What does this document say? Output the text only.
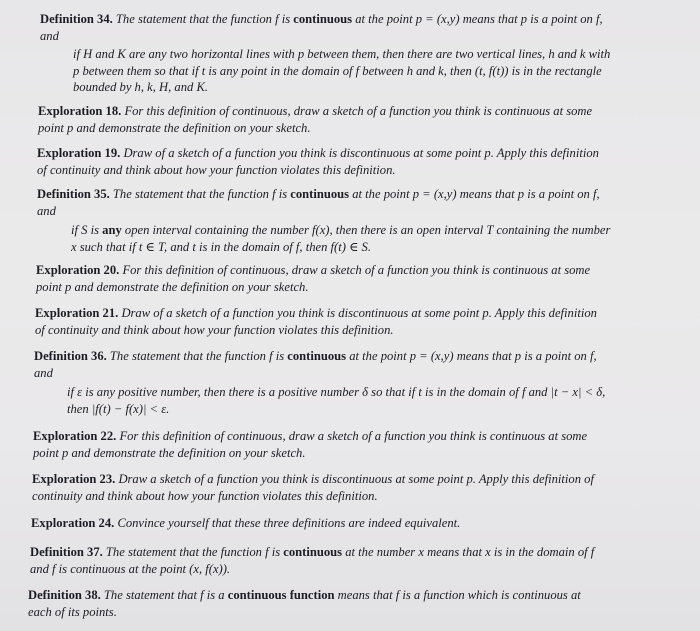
Definition 34. The statement that the function f is continuous at the point p = (x,y) means that p is a point on f,
and
if H and K are any two horizontal lines with p between them, then there are two vertical lines, h and k with
p between them so that if t is any point in the domain of f between h and k, then (t, f(t)) is in the rectangle
bounded by h, k, H, and K.
Exploration 18. For this definition of continuous, draw a sketch of a function you think is continuous at some
point p and demonstrate the definition on your sketch.
Exploration 19. Draw of a sketch of a function you think is discontinuous at some point p. Apply this definition
of continuity and think about how your function violates this definition.
Definition 35. The statement that the function f is continuous at the point p = (x,y) means that p is a point on f,
and
if S is any open interval containing the number f(x), then there is an open interval T containing the number
x such that if t ∈ T, and t is in the domain of f, then f(t) ∈ S.
Exploration 20. For this definition of continuous, draw a sketch of a function you think is continuous at some
point p and demonstrate the definition on your sketch.
Exploration 21. Draw of a sketch of a function you think is discontinuous at some point p. Apply this definition
of continuity and think about how your function violates this definition.
Definition 36. The statement that the function f is continuous at the point p = (x,y) means that p is a point on f,
and
if ε is any positive number, then there is a positive number δ so that if t is in the domain of f and |t − x| < δ,
then |f(t) − f(x)| < ε.
Exploration 22. For this definition of continuous, draw a sketch of a function you think is continuous at some
point p and demonstrate the definition on your sketch.
Exploration 23. Draw a sketch of a function you think is discontinuous at some point p. Apply this definition of
continuity and think about how your function violates this definition.
Exploration 24. Convince yourself that these three definitions are indeed equivalent.
Definition 37. The statement that the function f is continuous at the number x means that x is in the domain of f
and f is continuous at the point (x, f(x)).
Definition 38. The statement that f is a continuous function means that f is a function which is continuous at
each of its points.
